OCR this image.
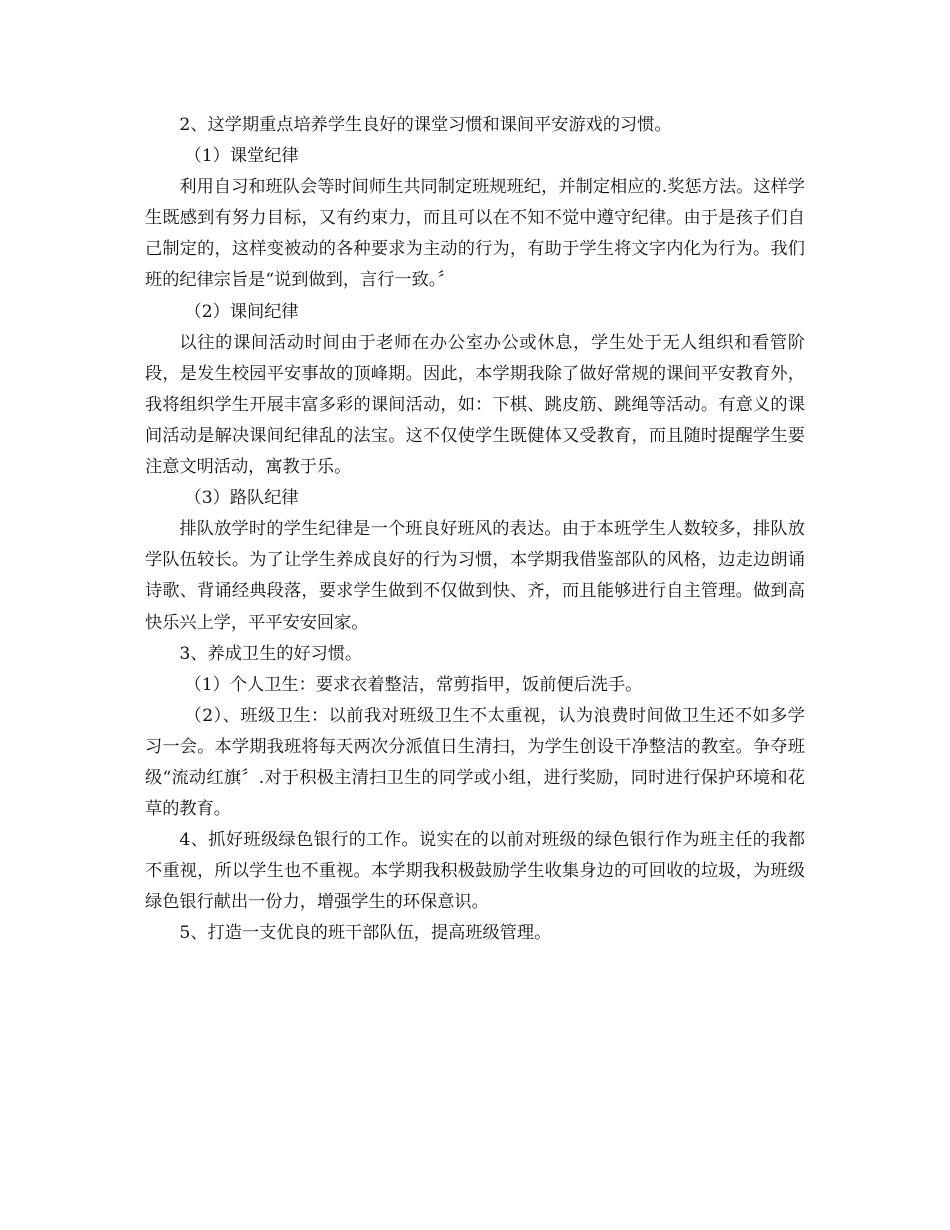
2、这学期重点培养学生良好的课堂习惯和课间平安游戏的习惯。

（1）课堂纪律

利用自习和班队会等时间师生共同制定班规班纪，并制定相应的.奖惩方法。这样学生既感到有努力目标，又有约束力，而且可以在不知不觉中遵守纪律。由于是孩子们自己制定的，这样变被动的各种要求为主动的行为，有助于学生将文字内化为行为。我们班的纪律宗旨是“说到做到，言行一致。〞

（2）课间纪律

以往的课间活动时间由于老师在办公室办公或休息，学生处于无人组织和看管阶段，是发生校园平安事故的顶峰期。因此，本学期我除了做好常规的课间平安教育外，我将组织学生开展丰富多彩的课间活动，如：下棋、跳皮筋、跳绳等活动。有意义的课间活动是解决课间纪律乱的法宝。这不仅使学生既健体又受教育，而且随时提醒学生要注意文明活动，寓教于乐。

（3）路队纪律

排队放学时的学生纪律是一个班良好班风的表达。由于本班学生人数较多，排队放学队伍较长。为了让学生养成良好的行为习惯，本学期我借鉴部队的风格，边走边朗诵诗歌、背诵经典段落，要求学生做到不仅做到快、齐，而且能够进行自主管理。做到高快乐兴上学，平平安安回家。

3、养成卫生的好习惯。

（1）个人卫生：要求衣着整洁，常剪指甲，饭前便后洗手。

（2）、班级卫生：以前我对班级卫生不太重视，认为浪费时间做卫生还不如多学习一会。本学期我班将每天两次分派值日生清扫，为学生创设干净整洁的教室。争夺班级“流动红旗〞.对于积极主清扫卫生的同学或小组，进行奖励，同时进行保护环境和花草的教育。

4、抓好班级绿色银行的工作。说实在的以前对班级的绿色银行作为班主任的我都不重视，所以学生也不重视。本学期我积极鼓励学生收集身边的可回收的垃圾，为班级绿色银行献出一份力，增强学生的环保意识。

5、打造一支优良的班干部队伍，提高班级管理。
